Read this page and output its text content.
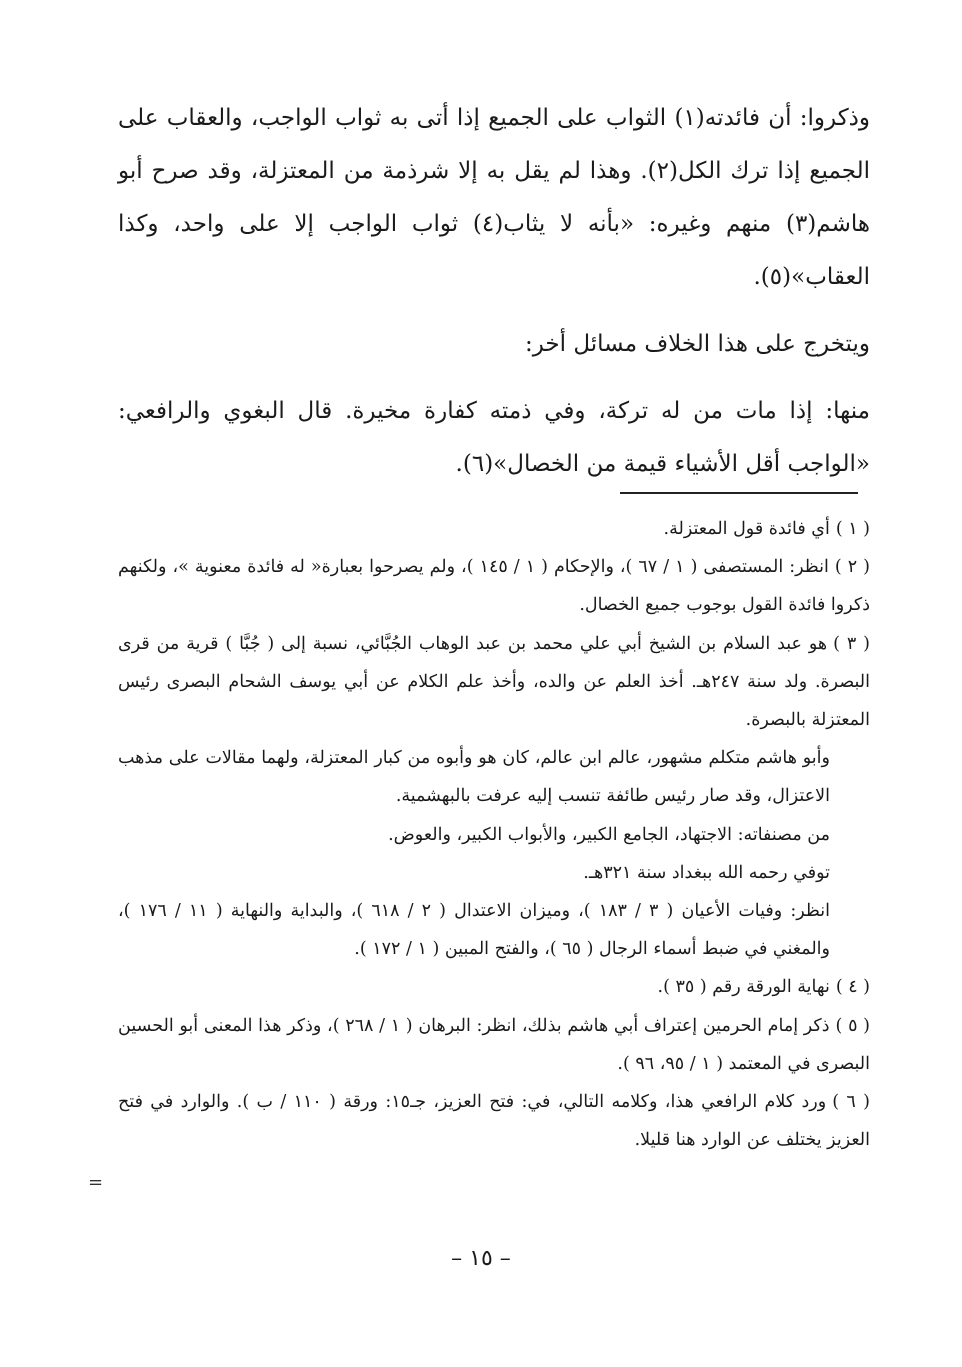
وذكروا: أن فائدته(١) الثواب على الجميع إذا أتى به ثواب الواجب، والعقاب على الجميع إذا ترك الكل(٢). وهذا لم يقل به إلا شرذمة من المعتزلة، وقد صرح أبو هاشم(٣) منهم وغيره: «بأنه لا يثاب(٤) ثواب الواجب إلا على واحد، وكذا العقاب»(٥).

ويتخرج على هذا الخلاف مسائل أخر:

منها: إذا مات من له تركة، وفي ذمته كفارة مخيرة. قال البغوي والرافعي: «الواجب أقل الأشياء قيمة من الخصال»(٦).

( ١ )أي فائدة قول المعتزلة.

( ٢ )انظر: المستصفى ( ١ / ٦٧ )، والإحكام ( ١ / ١٤٥ )، ولم يصرحوا بعبارة« له فائدة معنوية »، ولكنهم ذكروا فائدة القول بوجوب جميع الخصال.

( ٣ )هو عبد السلام بن الشيخ أبي علي محمد بن عبد الوهاب الجُبَّائي، نسبة إلى ( جُبَّا ) قرية من قرى البصرة. ولد سنة ٢٤٧هـ. أخذ العلم عن والده، وأخذ علم الكلام عن أبي يوسف الشحام البصرى رئيس المعتزلة بالبصرة.

وأبو هاشم متكلم مشهور، عالم ابن عالم، كان هو وأبوه من كبار المعتزلة، ولهما مقالات على مذهب الاعتزال، وقد صار رئيس طائفة تنسب إليه عرفت بالبهشمية.

من مصنفاته: الاجتهاد، الجامع الكبير، والأبواب الكبير، والعوض.

توفي رحمه الله ببغداد سنة ٣٢١هـ.

انظر: وفيات الأعيان ( ٣ / ١٨٣ )، وميزان الاعتدال ( ٢ / ٦١٨ )، والبداية والنهاية ( ١١ / ١٧٦ )، والمغني في ضبط أسماء الرجال ( ٦٥ )، والفتح المبين ( ١ / ١٧٢ ).

( ٤ )نهاية الورقة رقم ( ٣٥ ).

( ٥ )ذكر إمام الحرمين إعتراف أبي هاشم بذلك، انظر: البرهان ( ١ / ٢٦٨ )، وذكر هذا المعنى أبو الحسين البصرى في المعتمد ( ١ / ٩٥، ٩٦ ).

( ٦ )ورد كلام الرافعي هذا، وكلامه التالي، في: فتح العزيز، جـ١٥: ورقة ( ١١٠ / ب ). والوارد في فتح العزيز يختلف عن الوارد هنا قليلا.

=
– ١٥ –
